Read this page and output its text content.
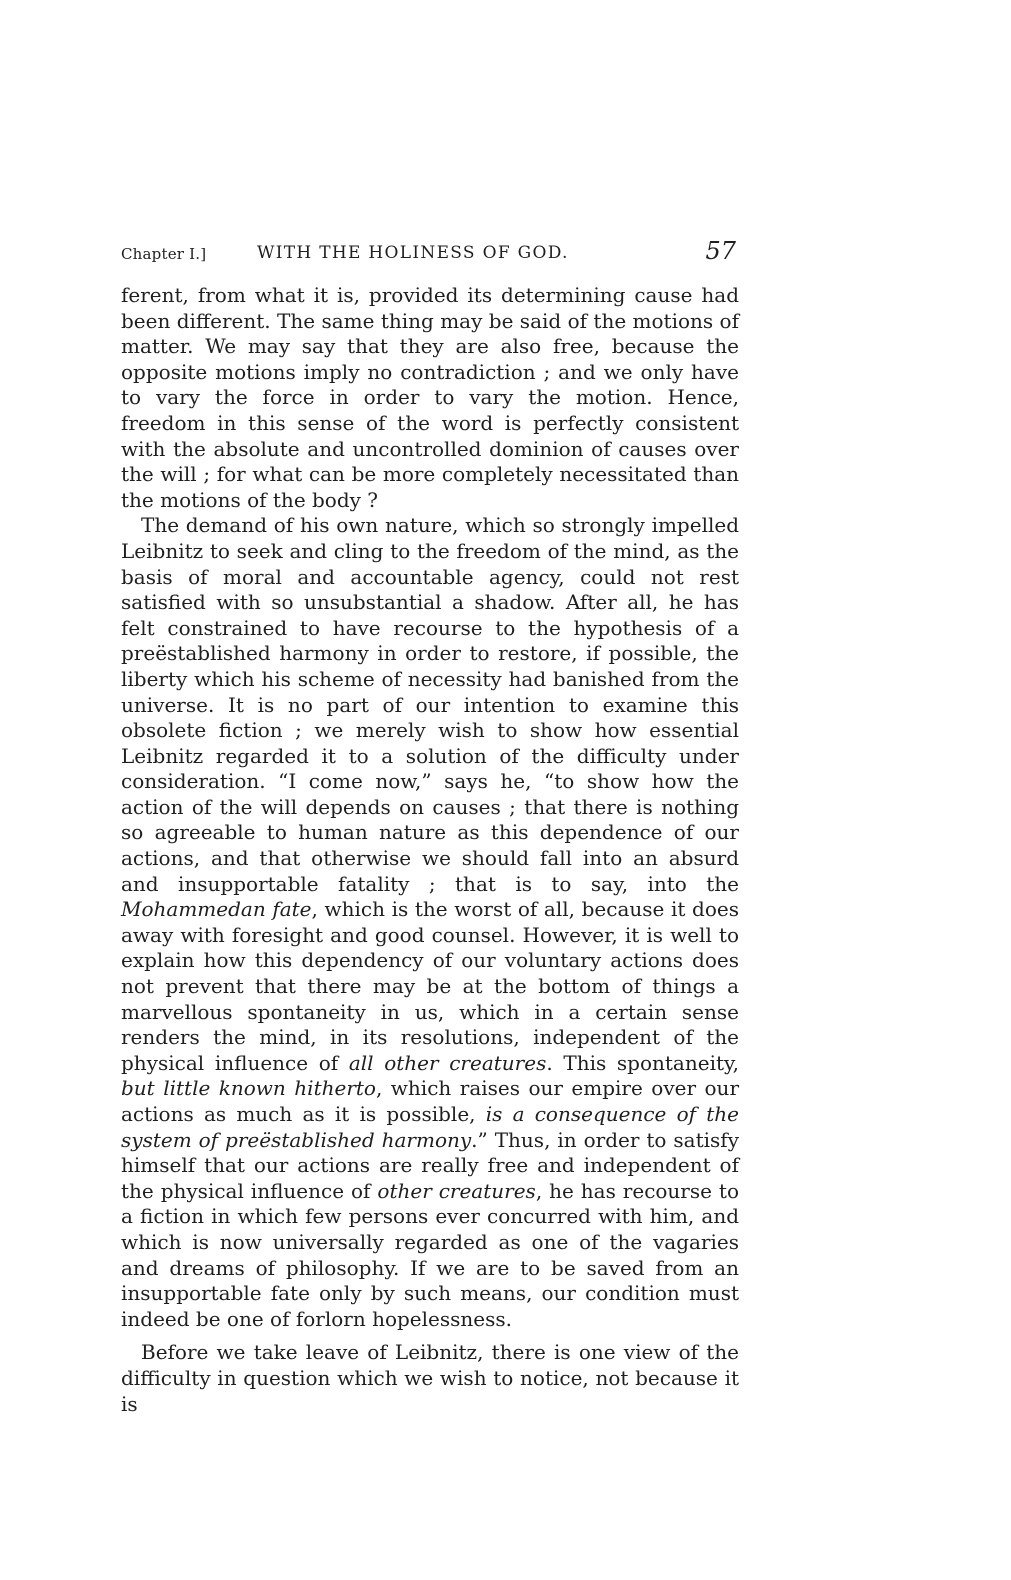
Chapter I.]	WITH THE HOLINESS OF GOD.	57

ferent, from what it is, provided its determining cause had been different. The same thing may be said of the motions of matter. We may say that they are also free, because the opposite motions imply no contradiction ; and we only have to vary the force in order to vary the motion. Hence, freedom in this sense of the word is perfectly consistent with the absolute and uncontrolled dominion of causes over the will ; for what can be more completely necessitated than the motions of the body ?

The demand of his own nature, which so strongly impelled Leibnitz to seek and cling to the freedom of the mind, as the basis of moral and accountable agency, could not rest satisfied with so unsubstantial a shadow. After all, he has felt constrained to have recourse to the hypothesis of a preëstablished harmony in order to restore, if possible, the liberty which his scheme of necessity had banished from the universe. It is no part of our intention to examine this obsolete fiction ; we merely wish to show how essential Leibnitz regarded it to a solution of the difficulty under consideration. “I come now,” says he, “to show how the action of the will depends on causes ; that there is nothing so agreeable to human nature as this dependence of our actions, and that otherwise we should fall into an absurd and insupportable fatality ; that is to say, into the Mohammedan fate, which is the worst of all, because it does away with foresight and good counsel. However, it is well to explain how this dependency of our voluntary actions does not prevent that there may be at the bottom of things a marvellous spontaneity in us, which in a certain sense renders the mind, in its resolutions, independent of the physical influence of all other creatures. This spontaneity, but little known hitherto, which raises our empire over our actions as much as it is possible, is a consequence of the system of preëstablished harmony.” Thus, in order to satisfy himself that our actions are really free and independent of the physical influence of other creatures, he has recourse to a fiction in which few persons ever concurred with him, and which is now universally regarded as one of the vagaries and dreams of philosophy. If we are to be saved from an insupportable fate only by such means, our condition must indeed be one of forlorn hopelessness.

Before we take leave of Leibnitz, there is one view of the difficulty in question which we wish to notice, not because it is
